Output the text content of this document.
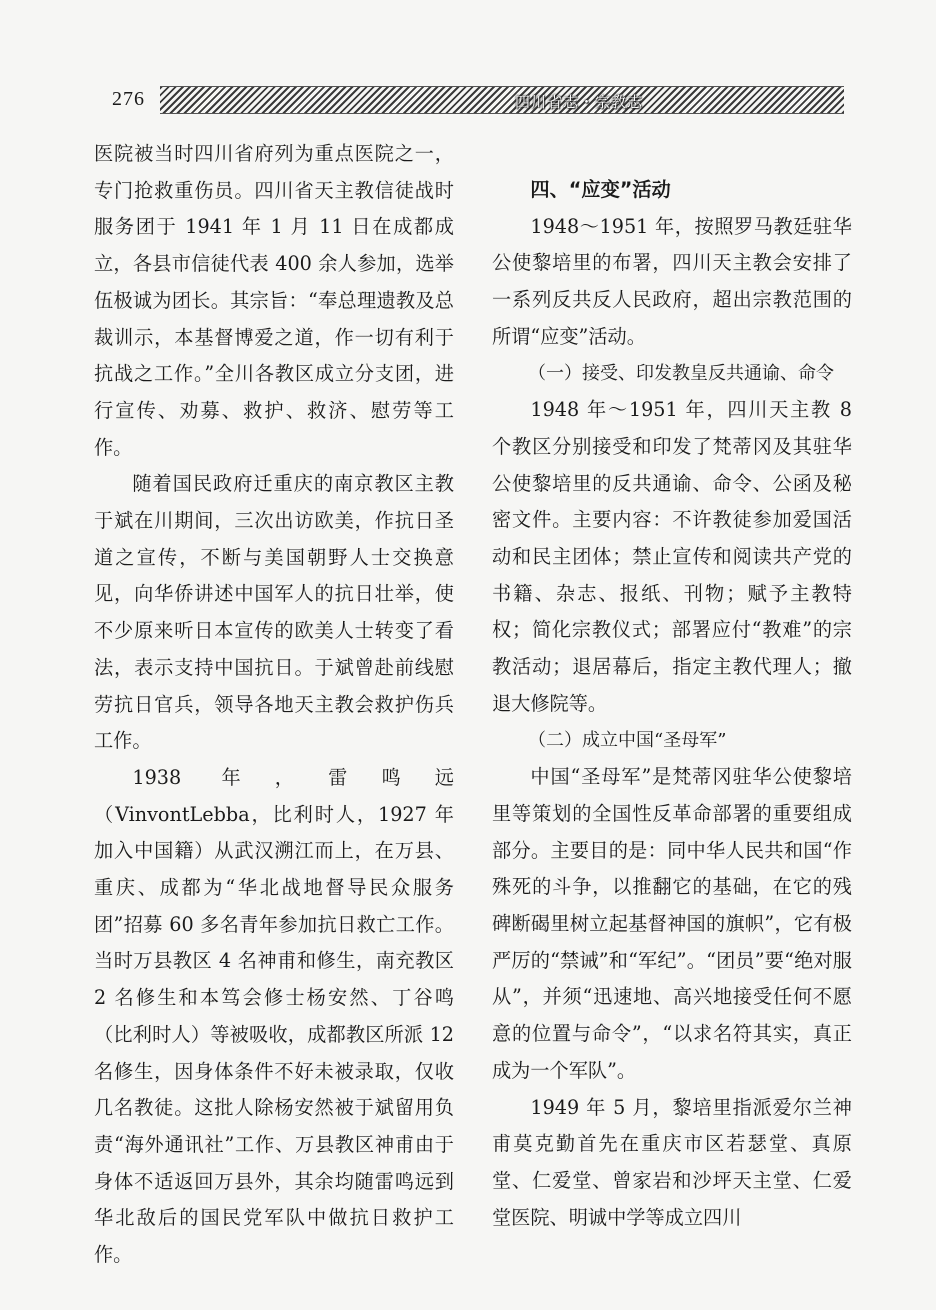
276	四川省志・宗教志

医院被当时四川省府列为重点医院之一，专门抢救重伤员。四川省天主教信徒战时服务团于 1941 年 1 月 11 日在成都成立，各县市信徒代表 400 余人参加，选举伍极诚为团长。其宗旨：“奉总理遗教及总裁训示，本基督博爱之道，作一切有利于抗战之工作。”全川各教区成立分支团，进行宣传、劝募、救护、救济、慰劳等工作。

随着国民政府迁重庆的南京教区主教于斌在川期间，三次出访欧美，作抗日圣道之宣传，不断与美国朝野人士交换意见，向华侨讲述中国军人的抗日壮举，使不少原来听日本宣传的欧美人士转变了看法，表示支持中国抗日。于斌曾赴前线慰劳抗日官兵，领导各地天主教会救护伤兵工作。

1938 年，雷鸣远（VinvontLebba，比利时人，1927 年加入中国籍）从武汉溯江而上，在万县、重庆、成都为“华北战地督导民众服务团”招募 60 多名青年参加抗日救亡工作。当时万县教区 4 名神甫和修生，南充教区 2 名修生和本笃会修士杨安然、丁谷鸣（比利时人）等被吸收，成都教区所派 12 名修生，因身体条件不好未被录取，仅收几名教徒。这批人除杨安然被于斌留用负责“海外通讯社”工作、万县教区神甫由于身体不适返回万县外，其余均随雷鸣远到华北敌后的国民党军队中做抗日救护工作。

四、“应变”活动

1948～1951 年，按照罗马教廷驻华公使黎培里的布署，四川天主教会安排了一系列反共反人民政府，超出宗教范围的所谓“应变”活动。

（一）接受、印发教皇反共通谕、命令

1948 年～1951 年，四川天主教 8 个教区分别接受和印发了梵蒂冈及其驻华公使黎培里的反共通谕、命令、公函及秘密文件。主要内容：不许教徒参加爱国活动和民主团体；禁止宣传和阅读共产党的书籍、杂志、报纸、刊物；赋予主教特权；简化宗教仪式；部署应付“教难”的宗教活动；退居幕后，指定主教代理人；撤退大修院等。

（二）成立中国“圣母军”

中国“圣母军”是梵蒂冈驻华公使黎培里等策划的全国性反革命部署的重要组成部分。主要目的是：同中华人民共和国“作殊死的斗争，以推翻它的基础，在它的残碑断碣里树立起基督神国的旗帜”，它有极严厉的“禁诫”和“军纪”。“团员”要“绝对服从”，并须“迅速地、高兴地接受任何不愿意的位置与命令”，“以求名符其实，真正成为一个军队”。

1949 年 5 月，黎培里指派爱尔兰神甫莫克勤首先在重庆市区若瑟堂、真原堂、仁爱堂、曾家岩和沙坪天主堂、仁爱堂医院、明诚中学等成立四川
